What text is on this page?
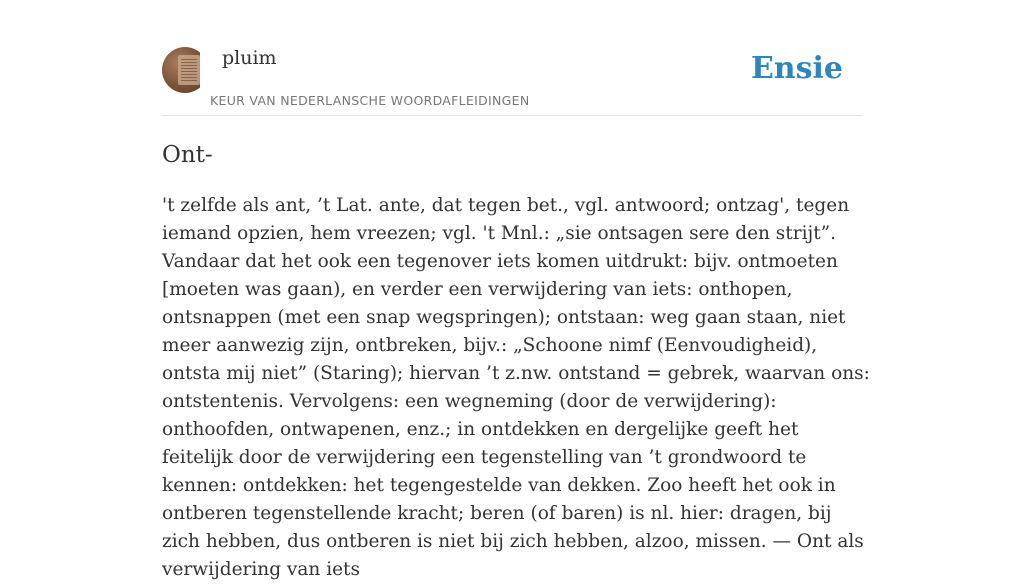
pluim
KEUR VAN NEDERLANSCHE WOORDAFLEIDINGEN
Ensie
Ont-

't zelfde als ant, ’t Lat. ante, dat tegen bet., vgl. antwoord; ontzag', tegen iemand opzien, hem vreezen; vgl. 't Mnl.: „sie ontsagen sere den strijt”. Vandaar dat het ook een tegenover iets komen uitdrukt: bijv. ontmoeten [moeten was gaan), en verder een verwijdering van iets: onthopen, ontsnappen (met een snap wegspringen); ontstaan: weg gaan staan, niet meer aanwezig zijn, ontbreken, bijv.: „Schoone nimf (Eenvoudigheid), ontsta mij niet” (Staring); hiervan ’t z.nw. ontstand = gebrek, waarvan ons: ontstentenis. Vervolgens: een wegneming (door de verwijdering): onthoofden, ontwapenen, enz.; in ontdekken en dergelijke geeft het feitelijk door de verwijdering een tegenstelling van ’t grondwoord te kennen: ontdekken: het tegengestelde van dekken. Zoo heeft het ook in ontberen tegenstellende kracht; beren (of baren) is nl. hier: dragen, bij zich hebben, dus ontberen is niet bij zich hebben, alzoo, missen. — Ont als verwijdering van iets
